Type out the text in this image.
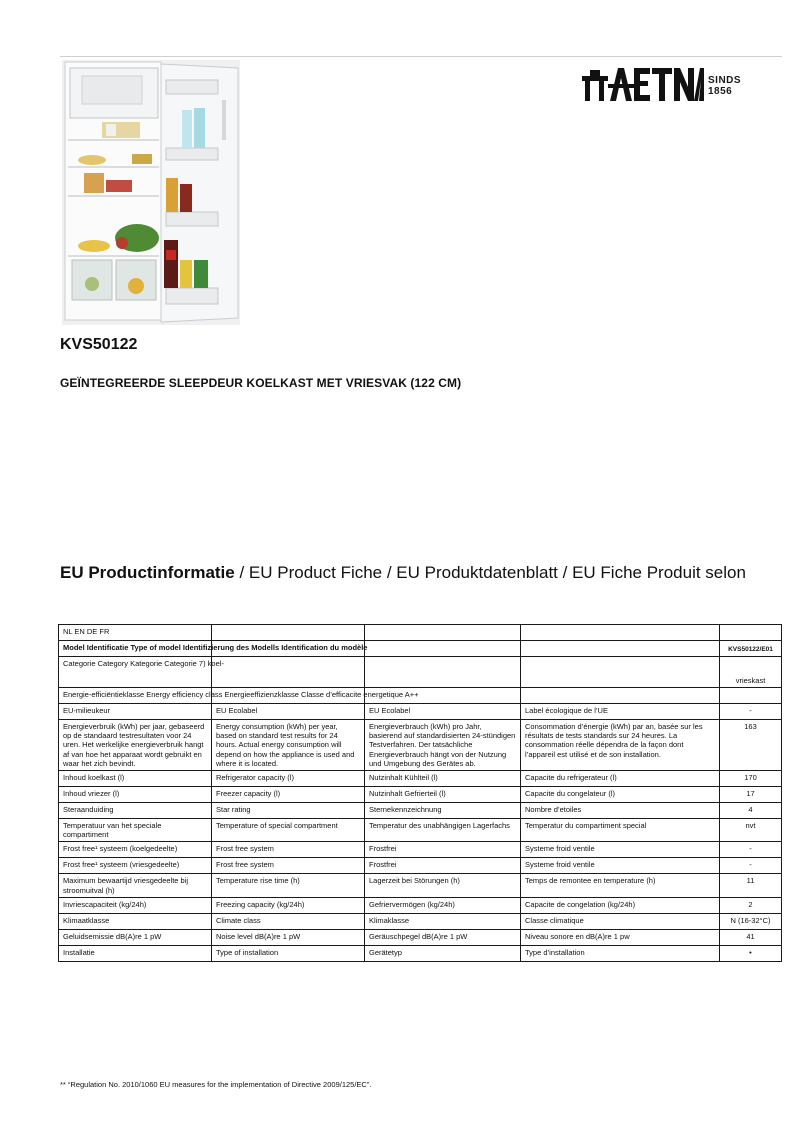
SINDS
1856
KVS50122
GEÏNTEGREERDE SLEEPDEUR KOELKAST MET VRIESVAK (122 CM)
EU Productinformatie / EU Product Fiche / EU Produktdatenblatt / EU Fiche Produit selon
NL EN DE FR				

Model Identificatie Type of model Identifizierung des Modells Identification du modèle				KVS50122/E01

Categorie Category Kategorie Categorie 7) koel-				vrieskast

Energie-efficiëntieklasse Energy efficiency class Energieeffizienzklasse Classe d’efficacite energetique A++				

EU-milieukeur	EU Ecolabel	EU Ecolabel	Label écologique de l’UE	-
Energieverbruik (kWh) per jaar, gebaseerd op de standaard testresultaten voor 24 uren. Het werkelijke energieverbruik hangt af van hoe het apparaat wordt gebruikt en waar het zich bevindt.	Energy consumption (kWh) per year, based on standard test results for 24 hours. Actual energy consumption will depend on how the appliance is used and where it is located.	Energieverbrauch (kWh) pro Jahr, basierend auf standardisierten 24-stündigen Testverfahren. Der tatsächliche Energieverbrauch hängt von der Nutzung und Umgebung des Gerätes ab.	Consommation d’énergie (kWh) par an, basée sur les résultats de tests standards sur 24 heures. La consommation réelle dépendra de la façon dont l’appareil est utilisé et de son installation.	163
Inhoud koelkast (l)	Refrigerator capacity (l)	Nutzinhalt Kühlteil (l)	Capacite du refrigerateur (l)	170
Inhoud vriezer (l)	Freezer capacity (l)	Nutzinhalt Gefrierteil (l)	Capacite du congelateur (l)	17
Steraanduiding	Star rating	Sternekennzeichnung	Nombre d’etoiles	4
Temperatuur van het speciale compartiment	Temperature of special compartment	Temperatur des unabhängigen Lagerfachs	Temperatur du compartiment special	nvt
Frost free¹ systeem (koelgedeelte)	Frost free system	Frostfrei	Systeme froid ventile	-
Frost free¹ systeem (vriesgedeelte)	Frost free system	Frostfrei	Systeme froid ventile	-
Maximum bewaartijd vriesgedeelte bij stroomuitval (h)	Temperature rise time (h)	Lagerzeit bei Störungen (h)	Temps de remontee en temperature (h)	11
Invriescapaciteit (kg/24h)	Freezing capacity (kg/24h)	Gefriervermögen (kg/24h)	Capacite de congelation (kg/24h)	2
Klimaatklasse	Climate class	Klimaklasse	Classe climatique	N (16-32°C)
Geluidsemissie dB(A)re 1 pW	Noise level dB(A)re 1 pW	Geräuschpegel dB(A)re 1 pW	Niveau sonore en dB(A)re 1 pw	41
Installatie	Type of installation	Gerätetyp	Type d’installation	•
** “Regulation No. 2010/1060 EU measures for the implementation of Directive 2009/125/EC”.
